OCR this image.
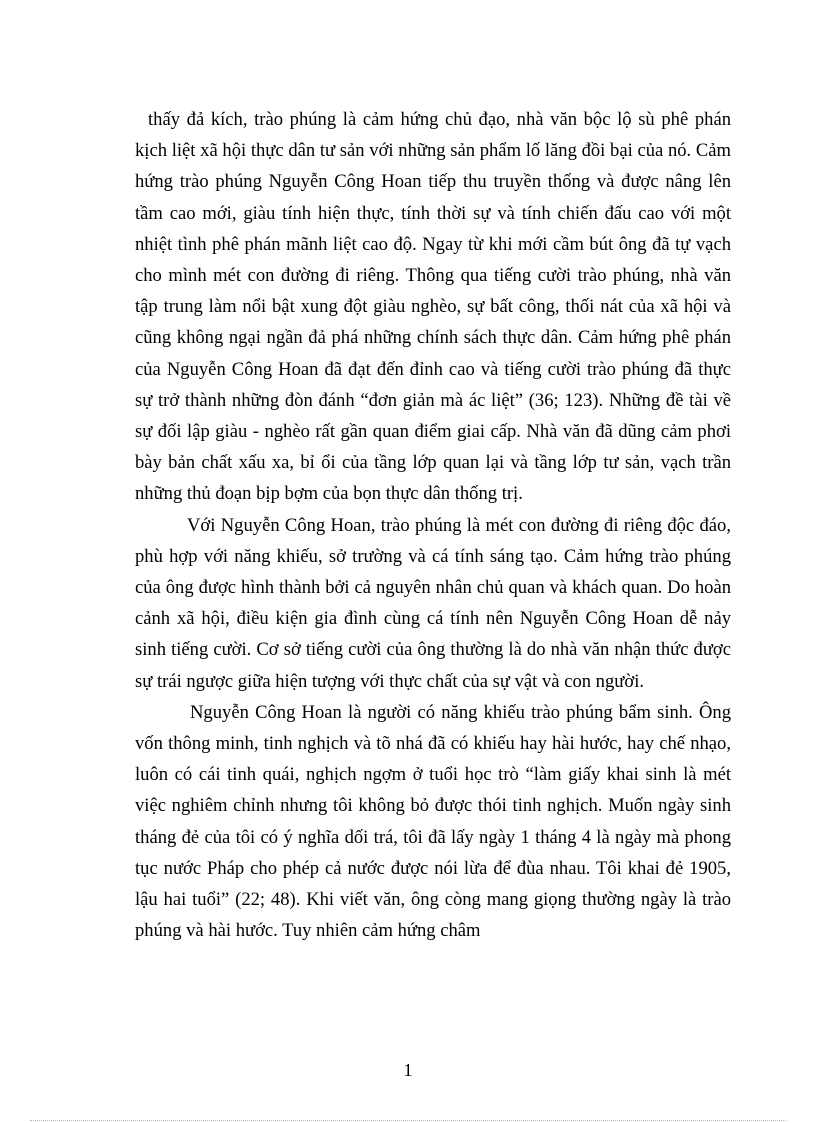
thấy đả kích, trào phúng là cảm hứng chủ đạo, nhà văn bộc lộ sù phê phán kịch liệt xã hội thực dân tư sản với những sản phẩm lố lăng đồi bại của nó. Cảm hứng trào phúng Nguyễn Công Hoan tiếp thu truyền thống và được nâng lên tầm cao mới, giàu tính hiện thực, tính thời sự và tính chiến đấu cao với một nhiệt tình phê phán mãnh liệt cao độ. Ngay từ khi mới cầm bút ông đã tự vạch cho mình mét con đường đi riêng. Thông qua tiếng cười trào phúng, nhà văn tập trung làm nổi bật xung đột giàu nghèo, sự bất công, thối nát của xã hội và cũng không ngại ngần đả phá những chính sách thực dân. Cảm hứng phê phán của Nguyễn Công Hoan đã đạt đến đỉnh cao và tiếng cười trào phúng đã thực sự trở thành những đòn đánh “đơn giản mà ác liệt” (36; 123). Những đề tài về sự đối lập giàu - nghèo rất gần quan điểm giai cấp. Nhà văn đã dũng cảm phơi bày bản chất xấu xa, bỉ ổi của tầng lớp quan lại và tầng lớp tư sản, vạch trần những thủ đoạn bịp bợm của bọn thực dân thống trị.

Với Nguyễn Công Hoan, trào phúng là mét con đường đi riêng độc đáo, phù hợp với năng khiếu, sở trường và cá tính sáng tạo. Cảm hứng trào phúng của ông được hình thành bởi cả nguyên nhân chủ quan và khách quan. Do hoàn cảnh xã hội, điều kiện gia đình cùng cá tính nên Nguyễn Công Hoan dễ nảy sinh tiếng cười. Cơ sở tiếng cười của ông thường là do nhà văn nhận thức được sự trái ngược giữa hiện tượng với thực chất của sự vật và con người.

Nguyễn Công Hoan là người có năng khiếu trào phúng bẩm sinh. Ông vốn thông minh, tinh nghịch và tõ nhá đã có khiếu hay hài hước, hay chế nhạo, luôn có cái tinh quái, nghịch ngợm ở tuổi học trò “làm giấy khai sinh là mét việc nghiêm chỉnh nhưng tôi không bỏ được thói tinh nghịch. Muốn ngày sinh tháng đẻ của tôi có ý nghĩa dối trá, tôi đã lấy ngày 1 tháng 4 là ngày mà phong tục nước Pháp cho phép cả nước được nói lừa để đùa nhau. Tôi khai đẻ 1905, lậu hai tuổi” (22; 48). Khi viết văn, ông còng mang giọng thường ngày là trào phúng và hài hước. Tuy nhiên cảm hứng châm

1
